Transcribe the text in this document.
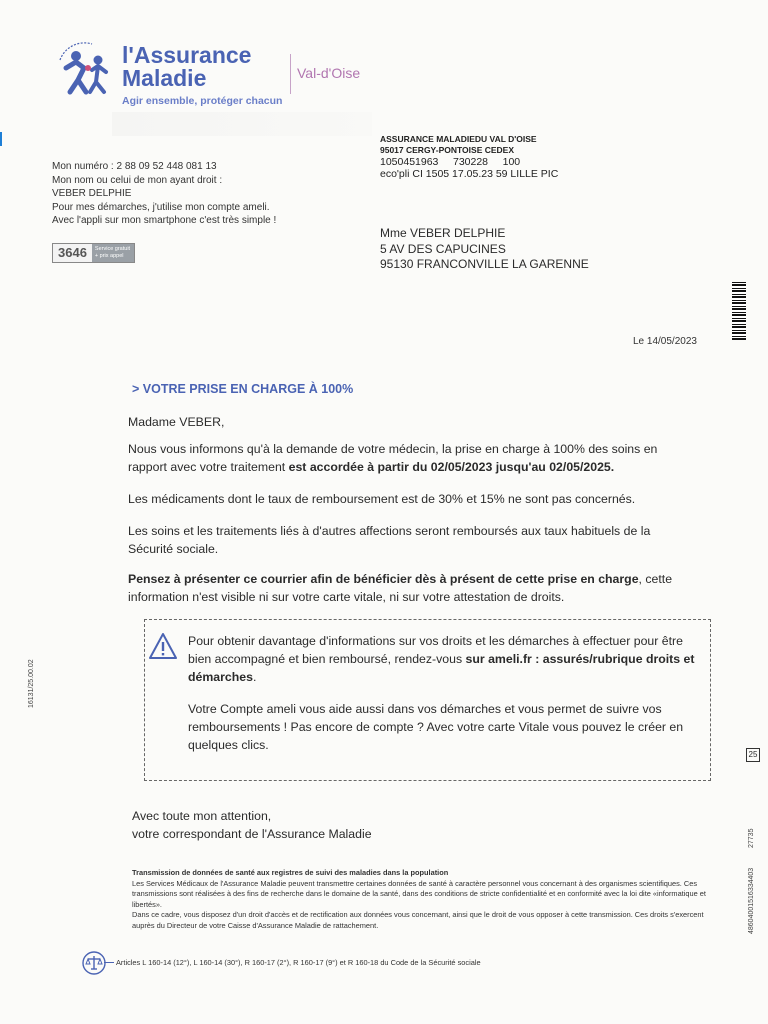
l'Assurance
Maladie
Agir ensemble, protéger chacun
Val-d'Oise
ASSURANCE MALADIEDU VAL D'OISE
95017 CERGY-PONTOISE CEDEX
1050451963     730228     100
eco'pli CI 1505 17.05.23 59 LILLE PIC
Mon numéro : 2 88 09 52 448 081 13
Mon nom ou celui de mon ayant droit :
VEBER DELPHIE
Pour mes démarches, j'utilise mon compte ameli.
Avec l'appli sur mon smartphone c'est très simple !
3646	Service gratuit + prix appel
Mme VEBER DELPHIE
5 AV DES CAPUCINES
95130 FRANCONVILLE LA GARENNE
Le 14/05/2023
> VOTRE PRISE EN CHARGE À 100%
Madame VEBER,
Nous vous informons qu'à la demande de votre médecin, la prise en charge à 100% des soins en rapport avec votre traitement est accordée à partir du 02/05/2023 jusqu'au 02/05/2025.
Les médicaments dont le taux de remboursement est de 30% et 15% ne sont pas concernés.
Les soins et les traitements liés à d'autres affections seront remboursés aux taux habituels de la Sécurité sociale.
Pensez à présenter ce courrier afin de bénéficier dès à présent de cette prise en charge, cette information n'est visible ni sur votre carte vitale, ni sur votre attestation de droits.
Pour obtenir davantage d'informations sur vos droits et les démarches à effectuer pour être bien accompagné et bien remboursé, rendez-vous sur ameli.fr : assurés/rubrique droits et démarches.
Votre Compte ameli vous aide aussi dans vos démarches et vous permet de suivre vos remboursements ! Pas encore de compte ? Avec votre carte Vitale vous pouvez le créer en quelques clics.
Avec toute mon attention,
votre correspondant de l'Assurance Maladie
Transmission de données de santé aux registres de suivi des maladies dans la population
Les Services Médicaux de l'Assurance Maladie peuvent transmettre certaines données de santé à caractère personnel vous concernant à des organismes scientifiques. Ces transmissions sont réalisées à des fins de recherche dans le domaine de la santé, dans des conditions de stricte confidentialité et en conformité avec la loi dite «informatique et libertés».
Dans ce cadre, vous disposez d'un droit d'accès et de rectification aux données vous concernant, ainsi que le droit de vous opposer à cette transmission. Ces droits s'exercent auprès du Directeur de votre Caisse d'Assurance Maladie de rattachement.
Articles L 160-14 (12°), L 160-14 (30°), R 160-17 (2°), R 160-17 (9°) et R 160-18 du Code de la Sécurité sociale
16131/25.00.02
27735
48604001516334403
25
